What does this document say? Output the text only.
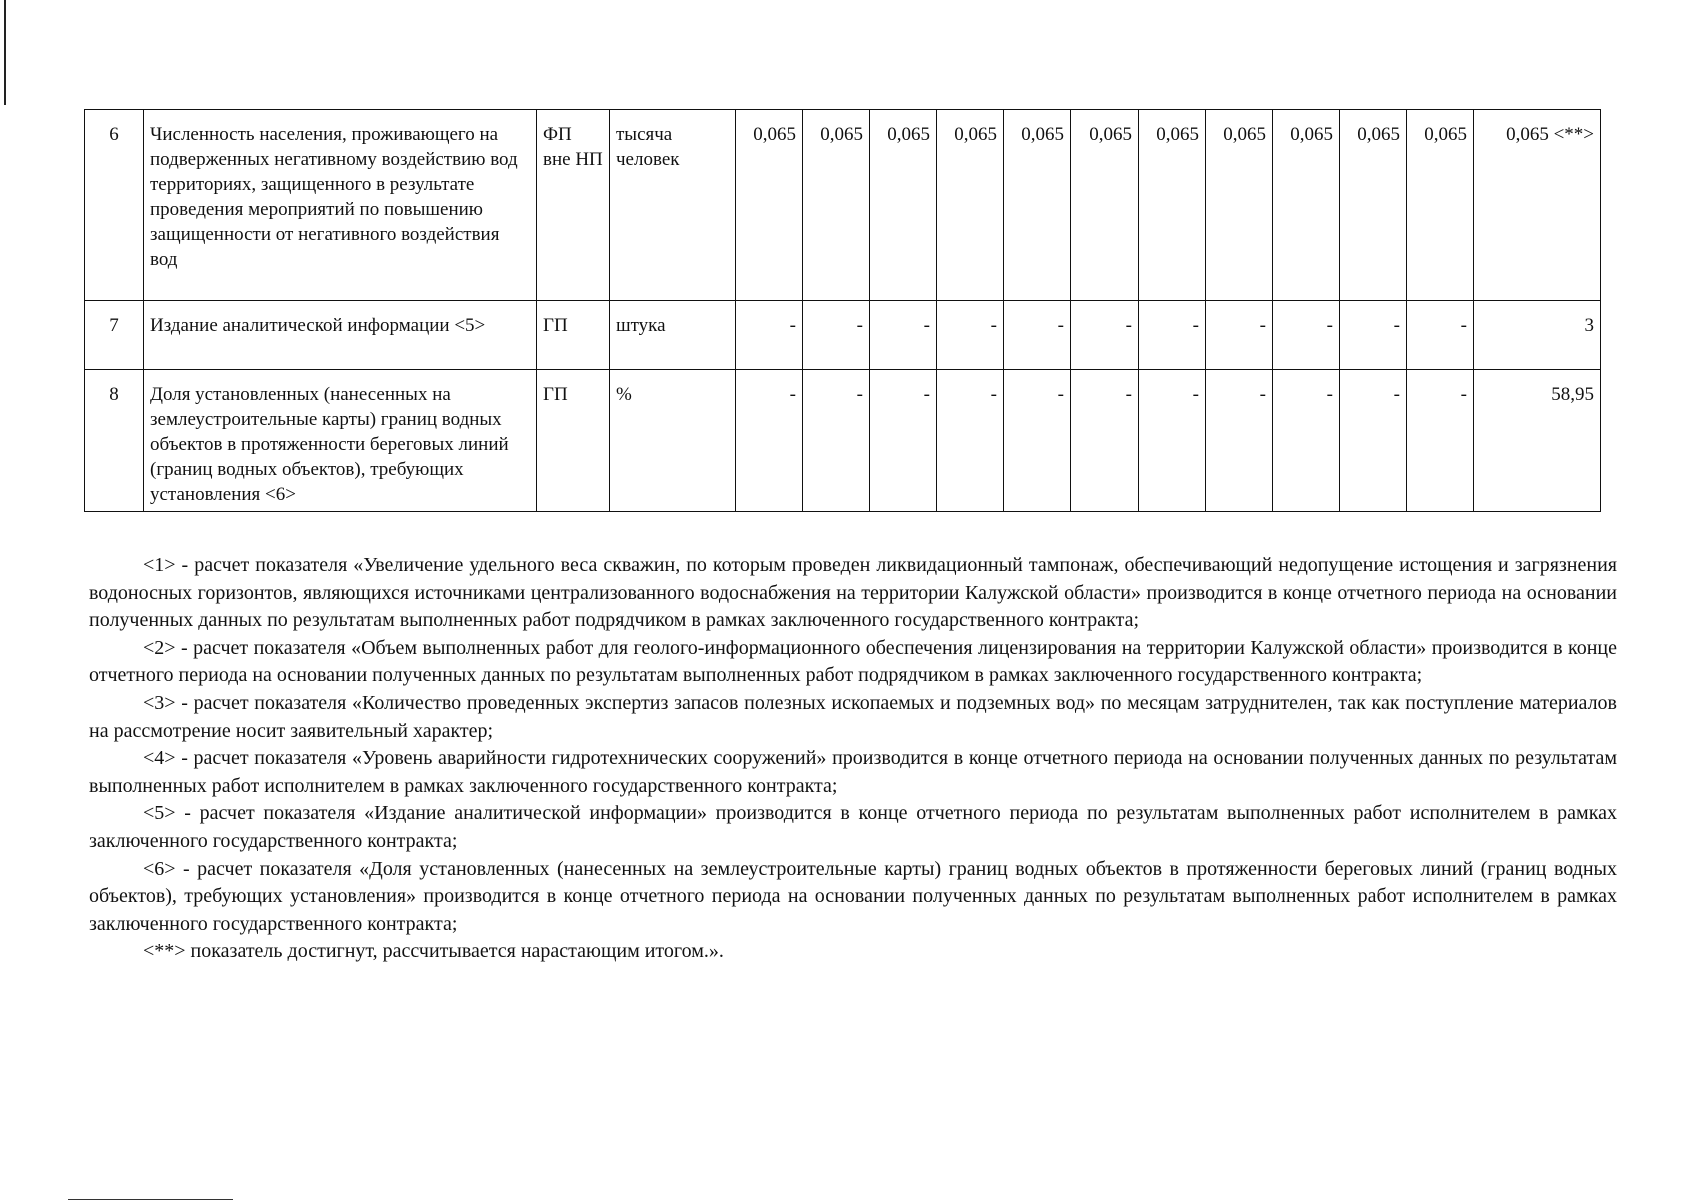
6	Численность населения, проживающего на подверженных негативному воздействию вод территориях, защищенного в результате проведения мероприятий по повышению защищенности от негативного воздействия вод	ФП вне НП	тысяча человек	0,065	0,065	0,065	0,065	0,065	0,065	0,065	0,065	0,065	0,065	0,065	0,065 <**>
7	Издание аналитической информации <5>	ГП	штука	-	-	-	-	-	-	-	-	-	-	-	3
8	Доля установленных (нанесенных на землеустроительные карты) границ водных объектов в протяженности береговых линий (границ водных объектов), требующих установления <6>	ГП	%	-	-	-	-	-	-	-	-	-	-	-	58,95

<1> - расчет показателя «Увеличение удельного веса скважин, по которым проведен ликвидационный тампонаж, обеспечивающий недопущение истощения и загрязнения водоносных горизонтов, являющихся источниками централизованного водоснабжения на территории Калужской области» производится в конце отчетного периода на основании полученных данных по результатам выполненных работ подрядчиком в рамках заключенного государственного контракта;

<2> - расчет показателя «Объем выполненных работ для геолого-информационного обеспечения лицензирования на территории Калужской области» производится в конце отчетного периода на основании полученных данных по результатам выполненных работ подрядчиком в рамках заключенного государственного контракта;

<3> - расчет показателя «Количество проведенных экспертиз запасов полезных ископаемых и подземных вод» по месяцам затруднителен, так как поступление материалов на рассмотрение носит заявительный характер;

<4> - расчет показателя «Уровень аварийности гидротехнических сооружений» производится в конце отчетного периода на основании полученных данных по результатам выполненных работ исполнителем в рамках заключенного государственного контракта;

<5> - расчет показателя «Издание аналитической информации» производится в конце отчетного периода по результатам выполненных работ исполнителем в рамках заключенного государственного контракта;

<6> - расчет показателя «Доля установленных (нанесенных на землеустроительные карты) границ водных объектов в протяженности береговых линий (границ водных объектов), требующих установления» производится в конце отчетного периода на основании полученных данных по результатам выполненных работ исполнителем в рамках заключенного государственного контракта;

<**> показатель достигнут, рассчитывается нарастающим итогом.».
